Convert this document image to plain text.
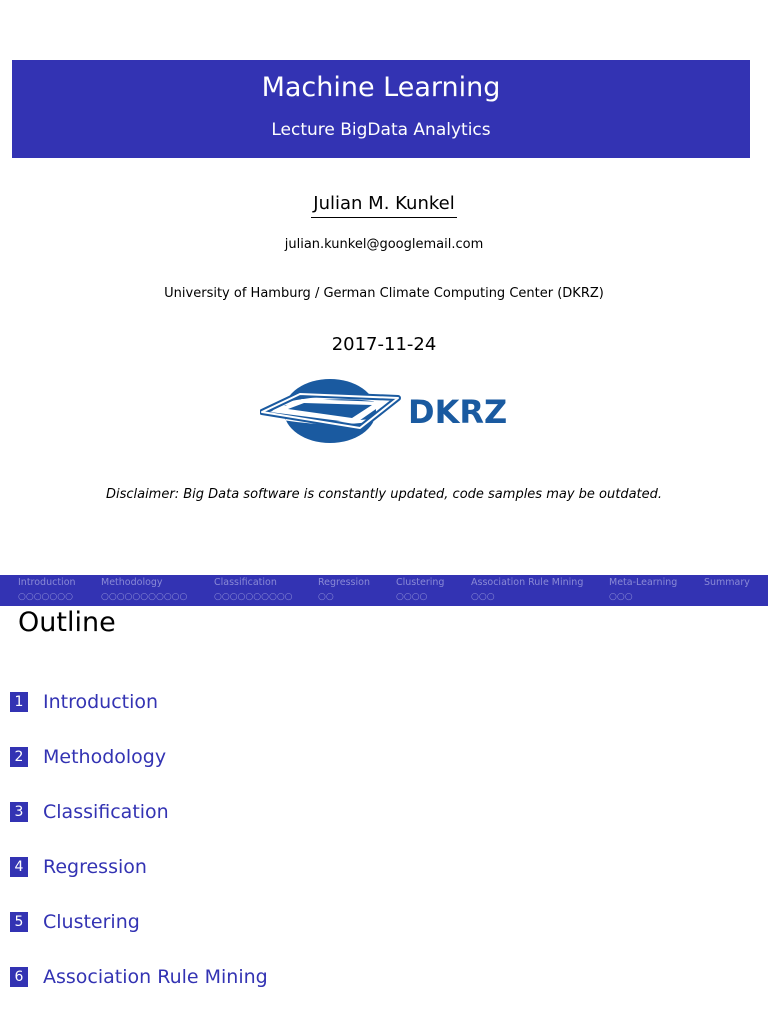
Machine Learning
Lecture BigData Analytics
Julian M. Kunkel
julian.kunkel@googlemail.com
University of Hamburg / German Climate Computing Center (DKRZ)
2017-11-24
DKRZ
Disclaimer: Big Data software is constantly updated, code samples may be outdated.
Introduction
○○○○○○○
Methodology
○○○○○○○○○○○
Classification
○○○○○○○○○○
Regression
○○
Clustering
○○○○
Association Rule Mining
○○○
Meta-Learning
○○○
Summary
Outline
1 Introduction
2 Methodology
3 Classification
4 Regression
5 Clustering
6 Association Rule Mining
